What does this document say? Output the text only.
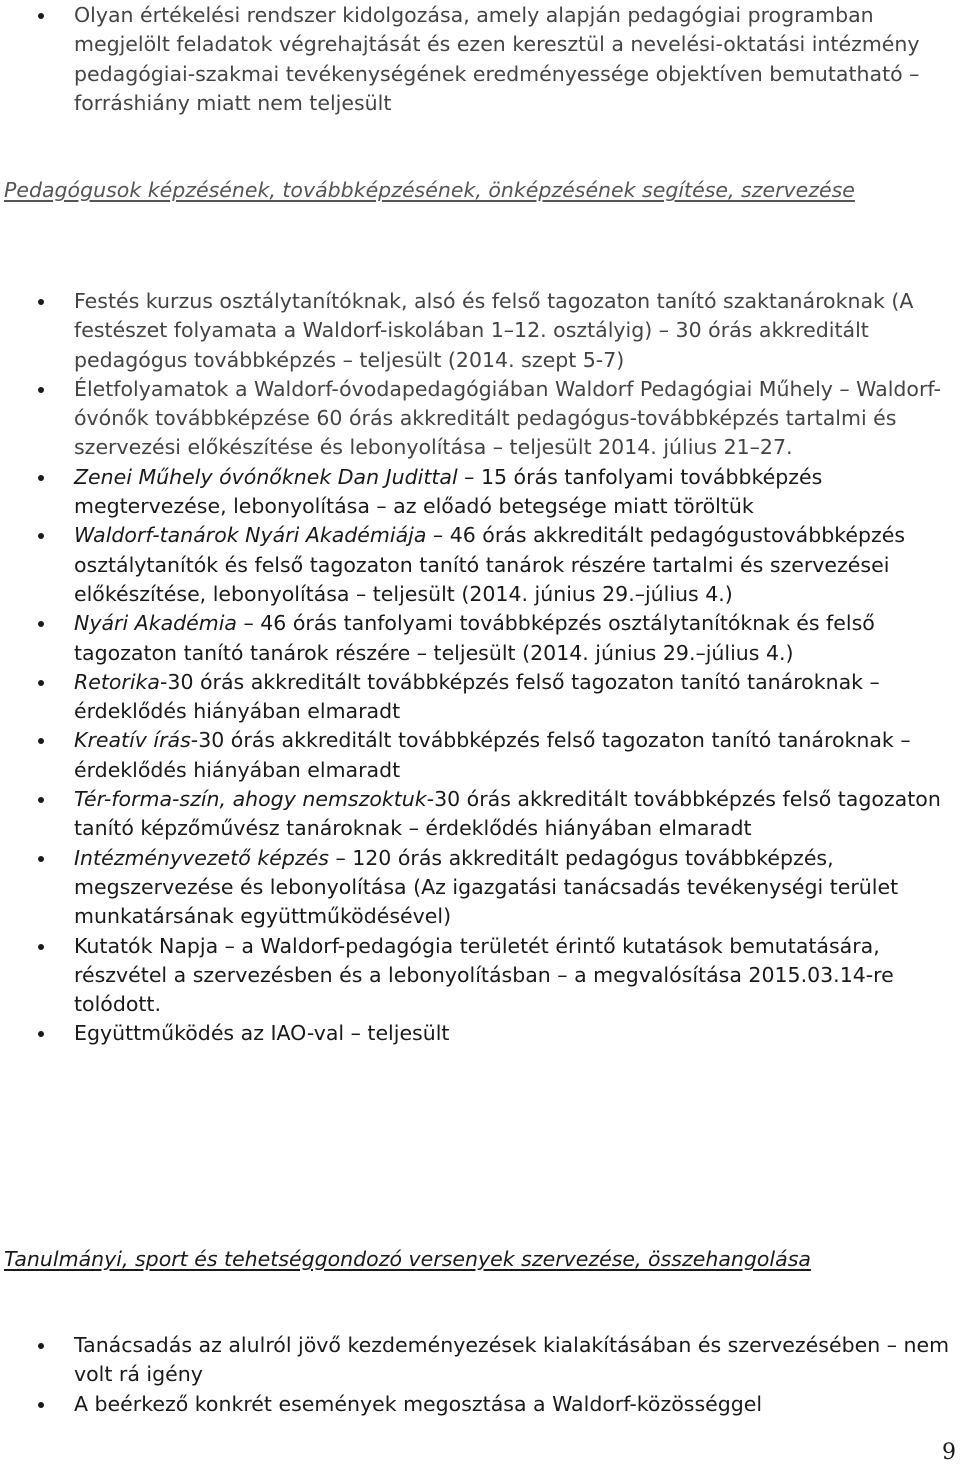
Olyan értékelési rendszer kidolgozása, amely alapján pedagógiai programban megjelölt feladatok végrehajtását és ezen keresztül a nevelési-oktatási intézmény pedagógiai-szakmai tevékenységének eredményessége objektíven bemutatható – forráshiány miatt nem teljesült
Pedagógusok képzésének, továbbképzésének, önképzésének segítése, szervezése
Festés kurzus osztálytanítóknak, alsó és felső tagozaton tanító szaktanároknak (A festészet folyamata a Waldorf-iskolában 1–12. osztályig) – 30 órás akkreditált pedagógus továbbképzés – teljesült (2014. szept 5-7)
Életfolyamatok a Waldorf-óvodapedagógiában Waldorf Pedagógiai Műhely – Waldorf-óvónők továbbképzése 60 órás akkreditált pedagógus-továbbképzés tartalmi és szervezési előkészítése és lebonyolítása – teljesült 2014. július 21–27.
Zenei Műhely óvónőknek Dan Judittal – 15 órás tanfolyami továbbképzés megtervezése, lebonyolítása – az előadó betegsége miatt töröltük
Waldorf-tanárok Nyári Akadémiája – 46 órás akkreditált pedagógustovábbképzés osztálytanítók és felső tagozaton tanító tanárok részére tartalmi és szervezései előkészítése, lebonyolítása – teljesült (2014. június 29.–július 4.)
Nyári Akadémia – 46 órás tanfolyami továbbképzés osztálytanítóknak és felső tagozaton tanító tanárok részére – teljesült (2014. június 29.–július 4.)
Retorika-30 órás akkreditált továbbképzés felső tagozaton tanító tanároknak – érdeklődés hiányában elmaradt
Kreatív írás-30 órás akkreditált továbbképzés felső tagozaton tanító tanároknak – érdeklődés hiányában elmaradt
Tér-forma-szín, ahogy nemszoktuk-30 órás akkreditált továbbképzés felső tagozaton tanító képzőművész tanároknak – érdeklődés hiányában elmaradt
Intézményvezető képzés – 120 órás akkreditált pedagógus továbbképzés, megszervezése és lebonyolítása (Az igazgatási tanácsadás tevékenységi terület munkatársának együttműködésével)
Kutatók Napja – a Waldorf-pedagógia területét érintő kutatások bemutatására, részvétel a szervezésben és a lebonyolításban – a megvalósítása 2015.03.14-re tolódott.
Együttműködés az IAO-val – teljesült
Tanulmányi, sport és tehetséggondozó versenyek szervezése, összehangolása
Tanácsadás az alulról jövő kezdeményezések kialakításában és szervezésében – nem volt rá igény
A beérkező konkrét események megosztása a Waldorf-közösséggel
9
